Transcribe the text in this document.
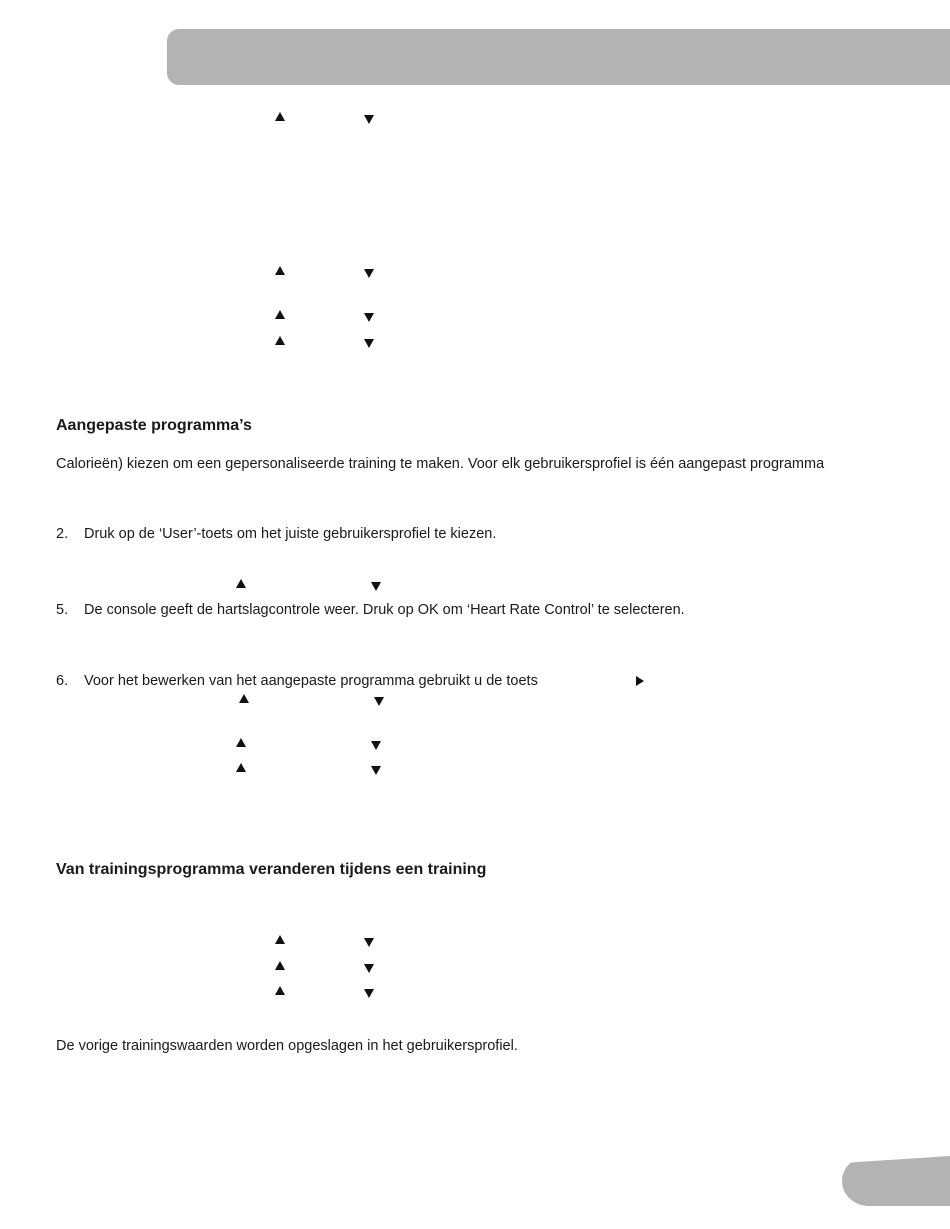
Aangepaste programma’s

Calorieën) kiezen om een gepersonaliseerde training te maken. Voor elk gebruikersprofiel is één aangepast programma

2. Druk op de ‘User’-toets om het juiste gebruikersprofiel te kiezen.
5. De console geeft de hartslagcontrole weer. Druk op OK om ‘Heart Rate Control’ te selecteren.
6. Voor het bewerken van het aangepaste programma gebruikt u de toets
Van trainingsprogramma veranderen tijdens een training

De vorige trainingswaarden worden opgeslagen in het gebruikersprofiel.
